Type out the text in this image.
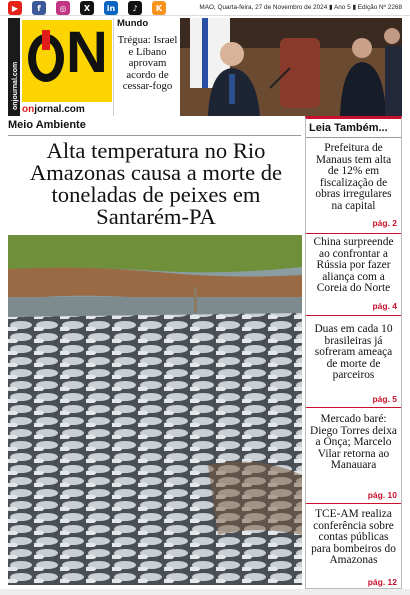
▶	f	◎	X	in	♪	K	MAO, Quarta-feira, 27 de Novembro de 2024 ▮ Ano 5 ▮ Edição Nº 2268
onjournal.com
N
onjornal.com
Mundo
Trégua: Israel e Líbano aprovam acordo de cessar-fogo
Meio Ambiente
Alta temperatura no Rio Amazonas causa a morte de toneladas de peixes em Santarém-PA
Leia Também...
Prefeitura de Manaus tem alta de 12% em fiscalização de obras irregulares na capital
pág. 2
China surpreende ao confrontar a Rússia por fazer aliança com a Coreia do Norte
pág. 4
Duas em cada 10 brasileiras já sofreram ameaça de morte de parceiros
pág. 5
Mercado baré: Diego Torres deixa a Onça; Marcelo Vilar retorna ao Manauara
pág. 10
TCE-AM realiza conferência sobre contas públicas para bombeiros do Amazonas
pág. 12
